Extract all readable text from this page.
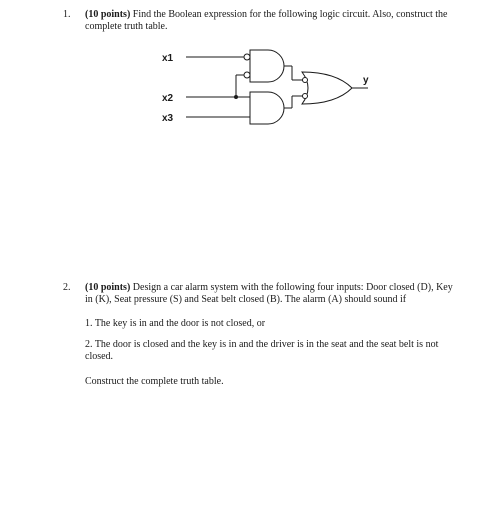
1. (10 points) Find the Boolean expression for the following logic circuit. Also, construct the complete truth table.
x1
x2
x3
y
2. (10 points) Design a car alarm system with the following four inputs: Door closed (D), Key in (K), Seat pressure (S) and Seat belt closed (B). The alarm (A) should sound if
1. The key is in and the door is not closed, or
2. The door is closed and the key is in and the driver is in the seat and the seat belt is not closed.
Construct the complete truth table.
